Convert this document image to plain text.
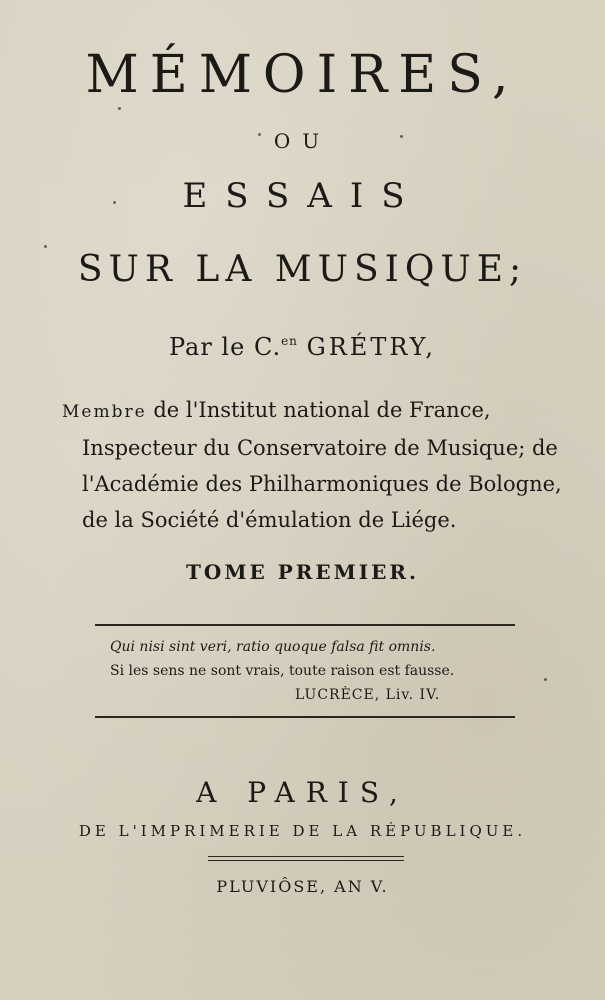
MÉMOIRES,
OU
ESSAIS
SUR LA MUSIQUE;
Par le C.$^{en}$ GRÉTRY,
Membre de l'Institut national de France,
Inspecteur du Conservatoire de Musique; de
l'Académie des Philharmoniques de Bologne,
de la Société d'émulation de Liége.
TOME PREMIER.
Qui nisi sint veri, ratio quoque falsa fit omnis.
Si les sens ne sont vrais, toute raison est fausse.
LUCRÈCE, Liv. IV.
A PARIS,
DE L'IMPRIMERIE DE LA RÉPUBLIQUE.
PLUVIÔSE, AN V.
